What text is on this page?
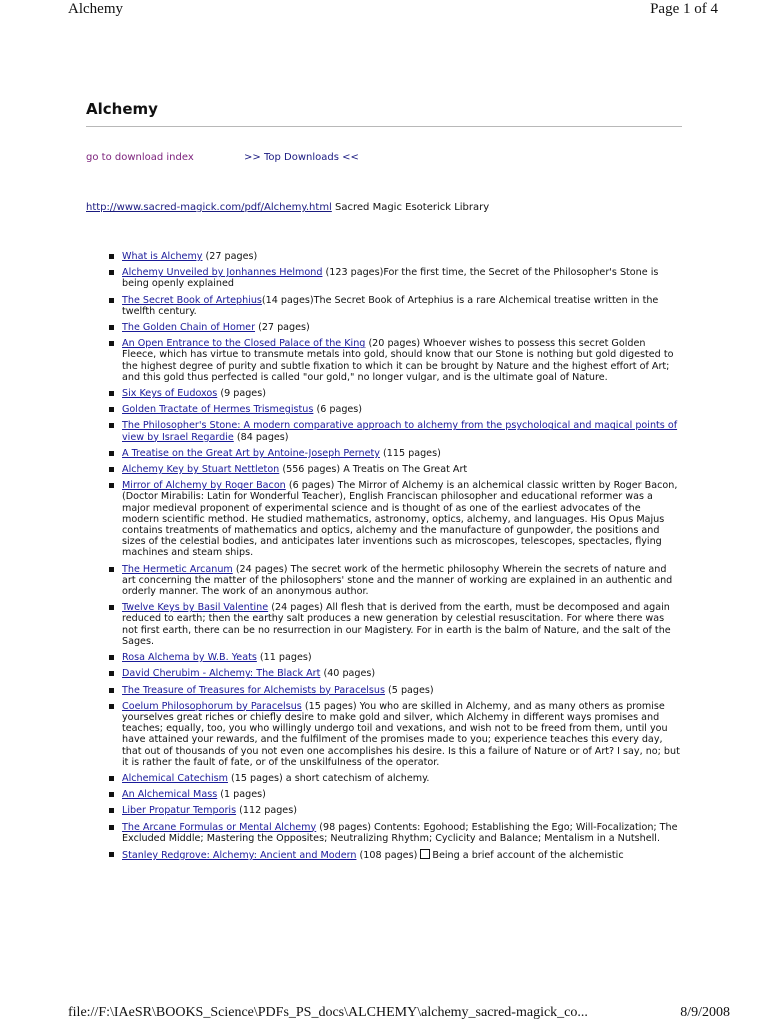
Alchemy	Page 1 of 4
Alchemy
go to download index	>> Top Downloads <<
http://www.sacred-magick.com/pdf/Alchemy.html Sacred Magic Esoterick Library
What is Alchemy (27 pages)
Alchemy Unveiled by Jonhannes Helmond (123 pages)For the first time, the Secret of the Philosopher's Stone is being openly explained
The Secret Book of Artephius(14 pages)The Secret Book of Artephius is a rare Alchemical treatise written in the twelfth century.
The Golden Chain of Homer (27 pages)
An Open Entrance to the Closed Palace of the King (20 pages) Whoever wishes to possess this secret Golden Fleece, which has virtue to transmute metals into gold, should know that our Stone is nothing but gold digested to the highest degree of purity and subtle fixation to which it can be brought by Nature and the highest effort of Art; and this gold thus perfected is called "our gold," no longer vulgar, and is the ultimate goal of Nature.
Six Keys of Eudoxos (9 pages)
Golden Tractate of Hermes Trismegistus (6 pages)
The Philosopher's Stone: A modern comparative approach to alchemy from the psychological and magical points of view by Israel Regardie (84 pages)
A Treatise on the Great Art by Antoine-Joseph Pernety (115 pages)
Alchemy Key by Stuart Nettleton (556 pages) A Treatis on The Great Art
Mirror of Alchemy by Roger Bacon (6 pages) The Mirror of Alchemy is an alchemical classic written by Roger Bacon, (Doctor Mirabilis: Latin for Wonderful Teacher), English Franciscan philosopher and educational reformer was a major medieval proponent of experimental science and is thought of as one of the earliest advocates of the modern scientific method. He studied mathematics, astronomy, optics, alchemy, and languages. His Opus Majus contains treatments of mathematics and optics, alchemy and the manufacture of gunpowder, the positions and sizes of the celestial bodies, and anticipates later inventions such as microscopes, telescopes, spectacles, flying machines and steam ships.
The Hermetic Arcanum (24 pages) The secret work of the hermetic philosophy Wherein the secrets of nature and art concerning the matter of the philosophers' stone and the manner of working are explained in an authentic and orderly manner. The work of an anonymous author.
Twelve Keys by Basil Valentine (24 pages) All flesh that is derived from the earth, must be decomposed and again reduced to earth; then the earthy salt produces a new generation by celestial resuscitation. For where there was not first earth, there can be no resurrection in our Magistery. For in earth is the balm of Nature, and the salt of the Sages.
Rosa Alchema by W.B. Yeats (11 pages)
David Cherubim - Alchemy: The Black Art (40 pages)
The Treasure of Treasures for Alchemists by Paracelsus (5 pages)
Coelum Philosophorum by Paracelsus (15 pages) You who are skilled in Alchemy, and as many others as promise yourselves great riches or chiefly desire to make gold and silver, which Alchemy in different ways promises and teaches; equally, too, you who willingly undergo toil and vexations, and wish not to be freed from them, until you have attained your rewards, and the fulfilment of the promises made to you; experience teaches this every day, that out of thousands of you not even one accomplishes his desire. Is this a failure of Nature or of Art? I say, no; but it is rather the fault of fate, or of the unskilfulness of the operator.
Alchemical Catechism (15 pages) a short catechism of alchemy.
An Alchemical Mass (1 pages)
Liber Propatur Temporis (112 pages)
The Arcane Formulas or Mental Alchemy (98 pages) Contents: Egohood; Establishing the Ego; Will-Focalization; The Excluded Middle; Mastering the Opposites; Neutralizing Rhythm; Cyclicity and Balance; Mentalism in a Nutshell.
Stanley Redgrove: Alchemy: Ancient and Modern (108 pages) Being a brief account of the alchemistic
file://F:\IAeSR\BOOKS_Science\PDFs_PS_docs\ALCHEMY\alchemy_sacred-magick_co...	8/9/2008
